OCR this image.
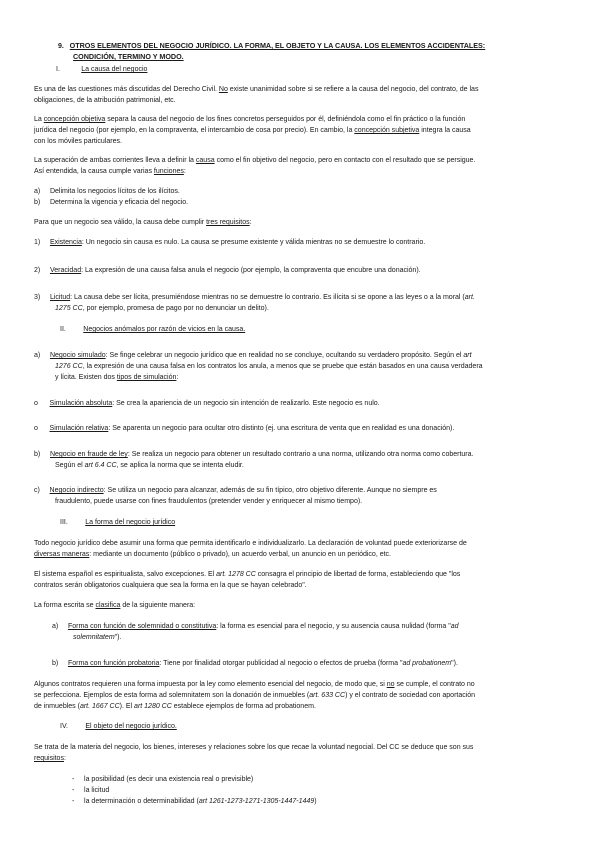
9. OTROS ELEMENTOS DEL NEGOCIO JURÍDICO. LA FORMA, EL OBJETO Y LA CAUSA. LOS ELEMENTOS ACCIDENTALES:
CONDICIÓN, TERMINO Y MODO.
I.	La causa del negocio
Es una de las cuestiones más discutidas del Derecho Civil. No existe unanimidad sobre si se refiere a la causa del negocio, del contrato, de las
obligaciones, de la atribución patrimonial, etc.
La concepción objetiva separa la causa del negocio de los fines concretos perseguidos por él, definiéndola como el fin práctico o la función
jurídica del negocio (por ejemplo, en la compraventa, el intercambio de cosa por precio). En cambio, la concepción subjetiva integra la causa
con los móviles particulares.
La superación de ambas corrientes lleva a definir la causa como el fin objetivo del negocio, pero en contacto con el resultado que se persigue.
Así entendida, la causa cumple varias funciones:
a) Delimita los negocios lícitos de los ilícitos.
b) Determina la vigencia y eficacia del negocio.
Para que un negocio sea válido, la causa debe cumplir tres requisitos:
1) Existencia: Un negocio sin causa es nulo. La causa se presume existente y válida mientras no se demuestre lo contrario.
2) Veracidad: La expresión de una causa falsa anula el negocio (por ejemplo, la compraventa que encubre una donación).
3) Licitud: La causa debe ser lícita, presumiéndose mientras no se demuestre lo contrario. Es ilícita si se opone a las leyes o a la moral (art.
1275 CC, por ejemplo, promesa de pago por no denunciar un delito).
II. Negocios anómalos por razón de vicios en la causa.
a) Negocio simulado: Se finge celebrar un negocio jurídico que en realidad no se concluye, ocultando su verdadero propósito. Según el art
1276 CC, la expresión de una causa falsa en los contratos los anula, a menos que se pruebe que están basados en una causa verdadera
y lícita. Existen dos tipos de simulación:
o Simulación absoluta: Se crea la apariencia de un negocio sin intención de realizarlo. Este negocio es nulo.
o Simulación relativa: Se aparenta un negocio para ocultar otro distinto (ej. una escritura de venta que en realidad es una donación).
b) Negocio en fraude de ley: Se realiza un negocio para obtener un resultado contrario a una norma, utilizando otra norma como cobertura.
Según el art 6.4 CC, se aplica la norma que se intenta eludir.
c) Negocio indirecto: Se utiliza un negocio para alcanzar, además de su fin típico, otro objetivo diferente. Aunque no siempre es
fraudulento, puede usarse con fines fraudulentos (pretender vender y enriquecer al mismo tiempo).
III. La forma del negocio jurídico
Todo negocio jurídico debe asumir una forma que permita identificarlo e individualizarlo. La declaración de voluntad puede exteriorizarse de
diversas maneras: mediante un documento (público o privado), un acuerdo verbal, un anuncio en un periódico, etc.
El sistema español es espiritualista, salvo excepciones. El art. 1278 CC consagra el principio de libertad de forma, estableciendo que "los
contratos serán obligatorios cualquiera que sea la forma en la que se hayan celebrado".
La forma escrita se clasifica de la siguiente manera:
a) Forma con función de solemnidad o constitutiva: la forma es esencial para el negocio, y su ausencia causa nulidad (forma "ad
solemnitatem").
b) Forma con función probatoria: Tiene por finalidad otorgar publicidad al negocio o efectos de prueba (forma "ad probationem").
Algunos contratos requieren una forma impuesta por la ley como elemento esencial del negocio, de modo que, si no se cumple, el contrato no
se perfecciona. Ejemplos de esta forma ad solemnitatem son la donación de inmuebles (art. 633 CC) y el contrato de sociedad con aportación
de inmuebles (art. 1667 CC). El art 1280 CC establece ejemplos de forma ad probationem.
IV. El objeto del negocio jurídico.
Se trata de la materia del negocio, los bienes, intereses y relaciones sobre los que recae la voluntad negocial. Del CC se deduce que son sus
requisitos:
- la posibilidad (es decir una existencia real o previsible)
- la licitud
- la determinación o determinabilidad (art 1261-1273-1271-1305-1447-1449)
